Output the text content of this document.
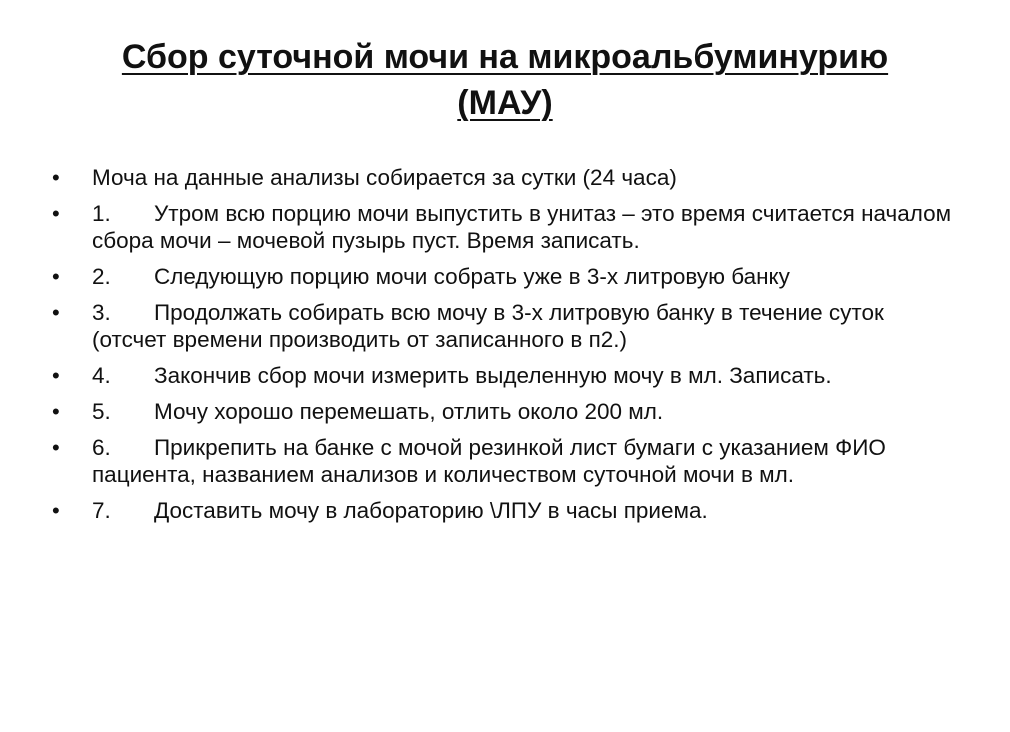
Сбор суточной мочи на микроальбуминурию
(МАУ)
•	Моча на данные анализы собирается за сутки (24 часа)
•	1. Утром всю порцию мочи выпустить в унитаз – это время считается началом сбора мочи – мочевой пузырь пуст. Время записать.
•	2. Следующую порцию мочи собрать уже в 3-х литровую банку
•	3. Продолжать собирать всю мочу в 3-х литровую банку в течение суток (отсчет времени производить от записанного в п2.)
•	4. Закончив сбор мочи измерить выделенную мочу в мл. Записать.
•	5. Мочу хорошо перемешать, отлить около 200 мл.
•	6. Прикрепить на банке с мочой резинкой лист бумаги с указанием ФИО пациента, названием анализов и количеством суточной мочи в мл.
•	7. Доставить мочу в лабораторию \ЛПУ в часы приема.
